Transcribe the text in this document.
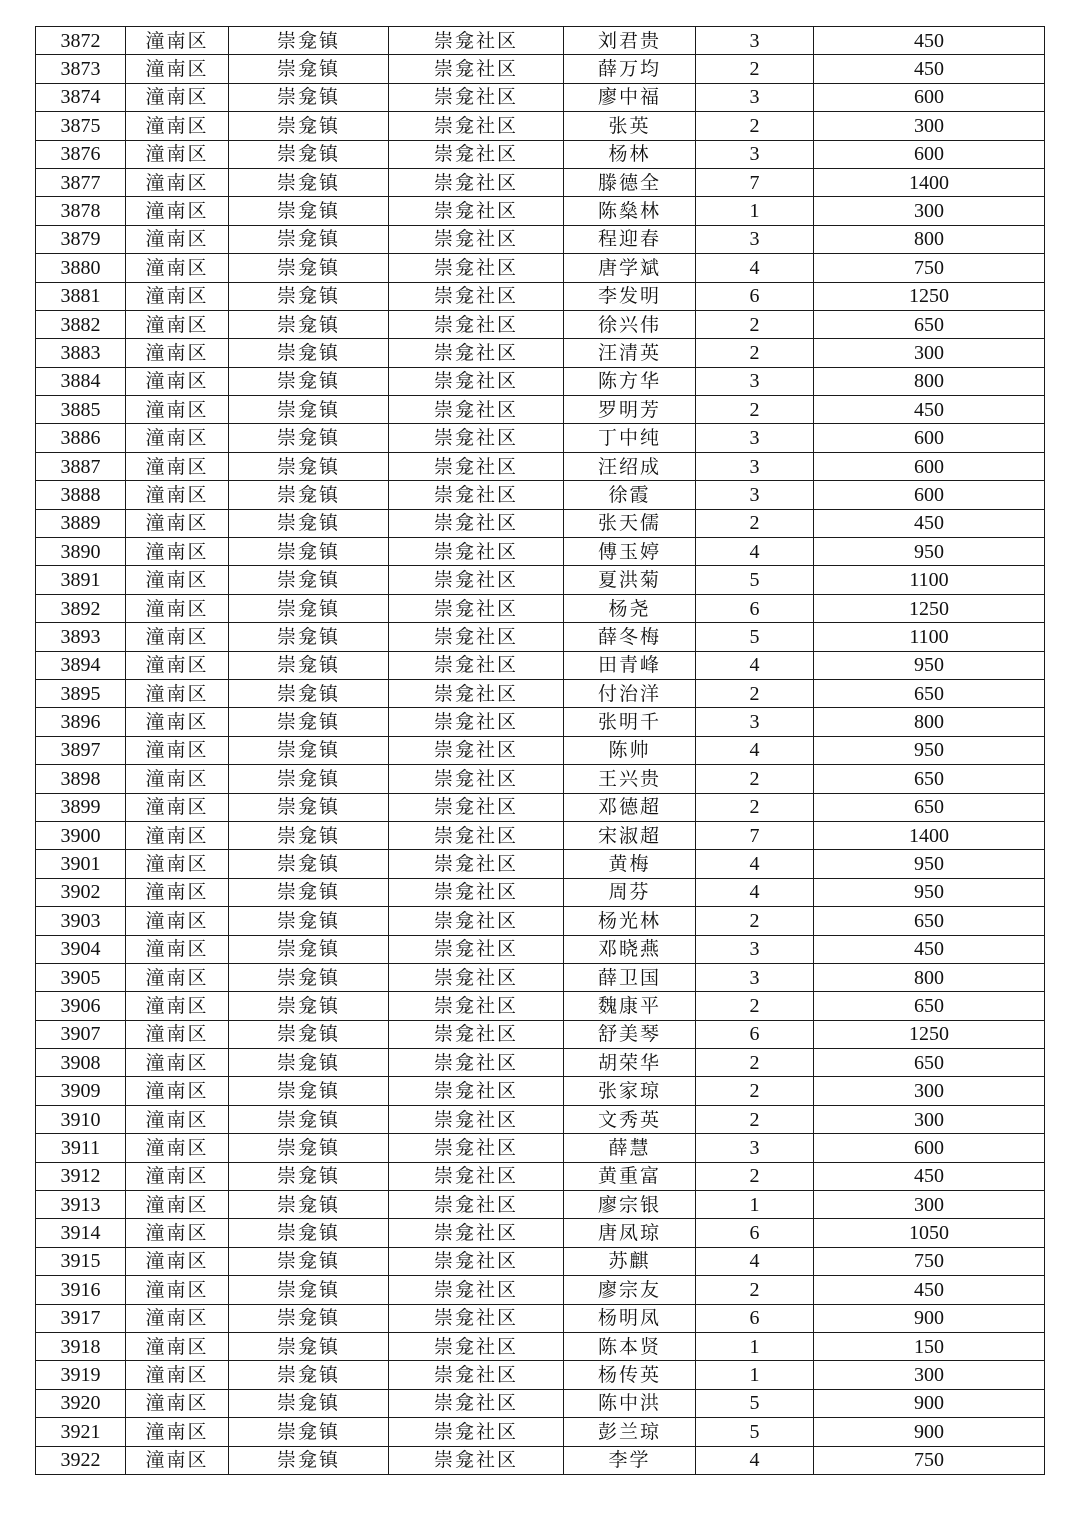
3872	潼南区	崇龛镇	崇龛社区	刘君贵	3	450
3873	潼南区	崇龛镇	崇龛社区	薛万均	2	450
3874	潼南区	崇龛镇	崇龛社区	廖中福	3	600
3875	潼南区	崇龛镇	崇龛社区	张英	2	300
3876	潼南区	崇龛镇	崇龛社区	杨林	3	600
3877	潼南区	崇龛镇	崇龛社区	滕德全	7	1400
3878	潼南区	崇龛镇	崇龛社区	陈燊林	1	300
3879	潼南区	崇龛镇	崇龛社区	程迎春	3	800
3880	潼南区	崇龛镇	崇龛社区	唐学斌	4	750
3881	潼南区	崇龛镇	崇龛社区	李发明	6	1250
3882	潼南区	崇龛镇	崇龛社区	徐兴伟	2	650
3883	潼南区	崇龛镇	崇龛社区	汪清英	2	300
3884	潼南区	崇龛镇	崇龛社区	陈方华	3	800
3885	潼南区	崇龛镇	崇龛社区	罗明芳	2	450
3886	潼南区	崇龛镇	崇龛社区	丁中纯	3	600
3887	潼南区	崇龛镇	崇龛社区	汪绍成	3	600
3888	潼南区	崇龛镇	崇龛社区	徐霞	3	600
3889	潼南区	崇龛镇	崇龛社区	张天儒	2	450
3890	潼南区	崇龛镇	崇龛社区	傅玉婷	4	950
3891	潼南区	崇龛镇	崇龛社区	夏洪菊	5	1100
3892	潼南区	崇龛镇	崇龛社区	杨尧	6	1250
3893	潼南区	崇龛镇	崇龛社区	薛冬梅	5	1100
3894	潼南区	崇龛镇	崇龛社区	田青峰	4	950
3895	潼南区	崇龛镇	崇龛社区	付治洋	2	650
3896	潼南区	崇龛镇	崇龛社区	张明千	3	800
3897	潼南区	崇龛镇	崇龛社区	陈帅	4	950
3898	潼南区	崇龛镇	崇龛社区	王兴贵	2	650
3899	潼南区	崇龛镇	崇龛社区	邓德超	2	650
3900	潼南区	崇龛镇	崇龛社区	宋淑超	7	1400
3901	潼南区	崇龛镇	崇龛社区	黄梅	4	950
3902	潼南区	崇龛镇	崇龛社区	周芬	4	950
3903	潼南区	崇龛镇	崇龛社区	杨光林	2	650
3904	潼南区	崇龛镇	崇龛社区	邓晓燕	3	450
3905	潼南区	崇龛镇	崇龛社区	薛卫国	3	800
3906	潼南区	崇龛镇	崇龛社区	魏康平	2	650
3907	潼南区	崇龛镇	崇龛社区	舒美琴	6	1250
3908	潼南区	崇龛镇	崇龛社区	胡荣华	2	650
3909	潼南区	崇龛镇	崇龛社区	张家琼	2	300
3910	潼南区	崇龛镇	崇龛社区	文秀英	2	300
3911	潼南区	崇龛镇	崇龛社区	薛慧	3	600
3912	潼南区	崇龛镇	崇龛社区	黄重富	2	450
3913	潼南区	崇龛镇	崇龛社区	廖宗银	1	300
3914	潼南区	崇龛镇	崇龛社区	唐凤琼	6	1050
3915	潼南区	崇龛镇	崇龛社区	苏麒	4	750
3916	潼南区	崇龛镇	崇龛社区	廖宗友	2	450
3917	潼南区	崇龛镇	崇龛社区	杨明凤	6	900
3918	潼南区	崇龛镇	崇龛社区	陈本贤	1	150
3919	潼南区	崇龛镇	崇龛社区	杨传英	1	300
3920	潼南区	崇龛镇	崇龛社区	陈中洪	5	900
3921	潼南区	崇龛镇	崇龛社区	彭兰琼	5	900
3922	潼南区	崇龛镇	崇龛社区	李学	4	750
